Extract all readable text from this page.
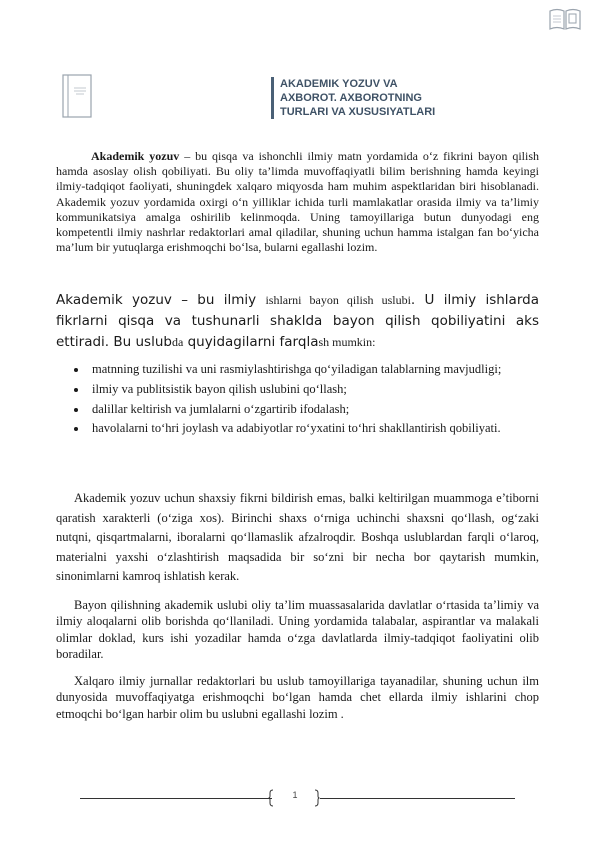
AKADEMIK YOZUV VA
AXBOROT. AXBOROTNING
TURLARI VA XUSUSIYATLARI

Akademik yozuv – bu qisqa va ishonchli ilmiy matn yordamida o‘z fikrini bayon qilish hamda asoslay olish qobiliyati. Bu oliy ta’limda muvoffaqiyatli bilim berishning hamda keyingi ilmiy-tadqiqot faoliyati, shuningdek xalqaro miqyosda ham muhim aspektlaridan biri hisoblanadi. Akademik yozuv yordamida oxirgi o‘n yilliklar ichida turli mamlakatlar orasida ilmiy va ta’limiy kommunikatsiya amalga oshirilib kelinmoqda. Uning tamoyillariga butun dunyodagi eng kompetentli ilmiy nashrlar redaktorlari amal qiladilar, shuning uchun hamma istalgan fan bo‘yicha ma’lum bir yutuqlarga erishmoqchi bo‘lsa, bularni egallashi lozim.

Akademik yozuv – bu ilmiy ishlarni bayon qilish uslubi. U ilmiy ishlarda fikrlarni qisqa va tushunarli shaklda bayon qilish qobiliyatini aks ettiradi. Bu uslubda quyidagilarni farqlash mumkin:

matnning tuzilishi va uni rasmiylashtirishga qo‘yiladigan talablarning mavjudligi;
ilmiy va publitsistik bayon qilish uslubini qo‘llash;
dalillar keltirish va jumlalarni o‘zgartirib ifodalash;
havolalarni to‘hri joylash va adabiyotlar ro‘yxatini to‘hri shakllantirish qobiliyati.

Akademik yozuv uchun shaxsiy fikrni bildirish emas, balki keltirilgan muammoga e’tiborni qaratish xarakterli (o‘ziga xos). Birinchi shaxs o‘rniga uchinchi shaxsni qo‘llash, og‘zaki nutqni, qisqartmalarni, iboralarni qo‘llamaslik afzalroqdir. Boshqa uslublardan farqli o‘laroq, materialni yaxshi o‘zlashtirish maqsadida bir so‘zni bir necha bor qaytarish mumkin, sinonimlarni kamroq ishlatish kerak.

Bayon qilishning akademik uslubi oliy ta’lim muassasalarida davlatlar o‘rtasida ta’limiy va ilmiy aloqalarni olib borishda qo‘llaniladi. Uning yordamida talabalar, aspirantlar va malakali olimlar doklad, kurs ishi yozadilar hamda o‘zga davlatlarda ilmiy-tadqiqot faoliyatini olib boradilar.

Xalqaro ilmiy jurnallar redaktorlari bu uslub tamoyillariga tayanadilar, shuning uchun ilm dunyosida muvoffaqiyatga erishmoqchi bo‘lgan hamda chet ellarda ilmiy ishlarini chop etmoqchi bo‘lgan harbir olim bu uslubni egallashi lozim .

1
